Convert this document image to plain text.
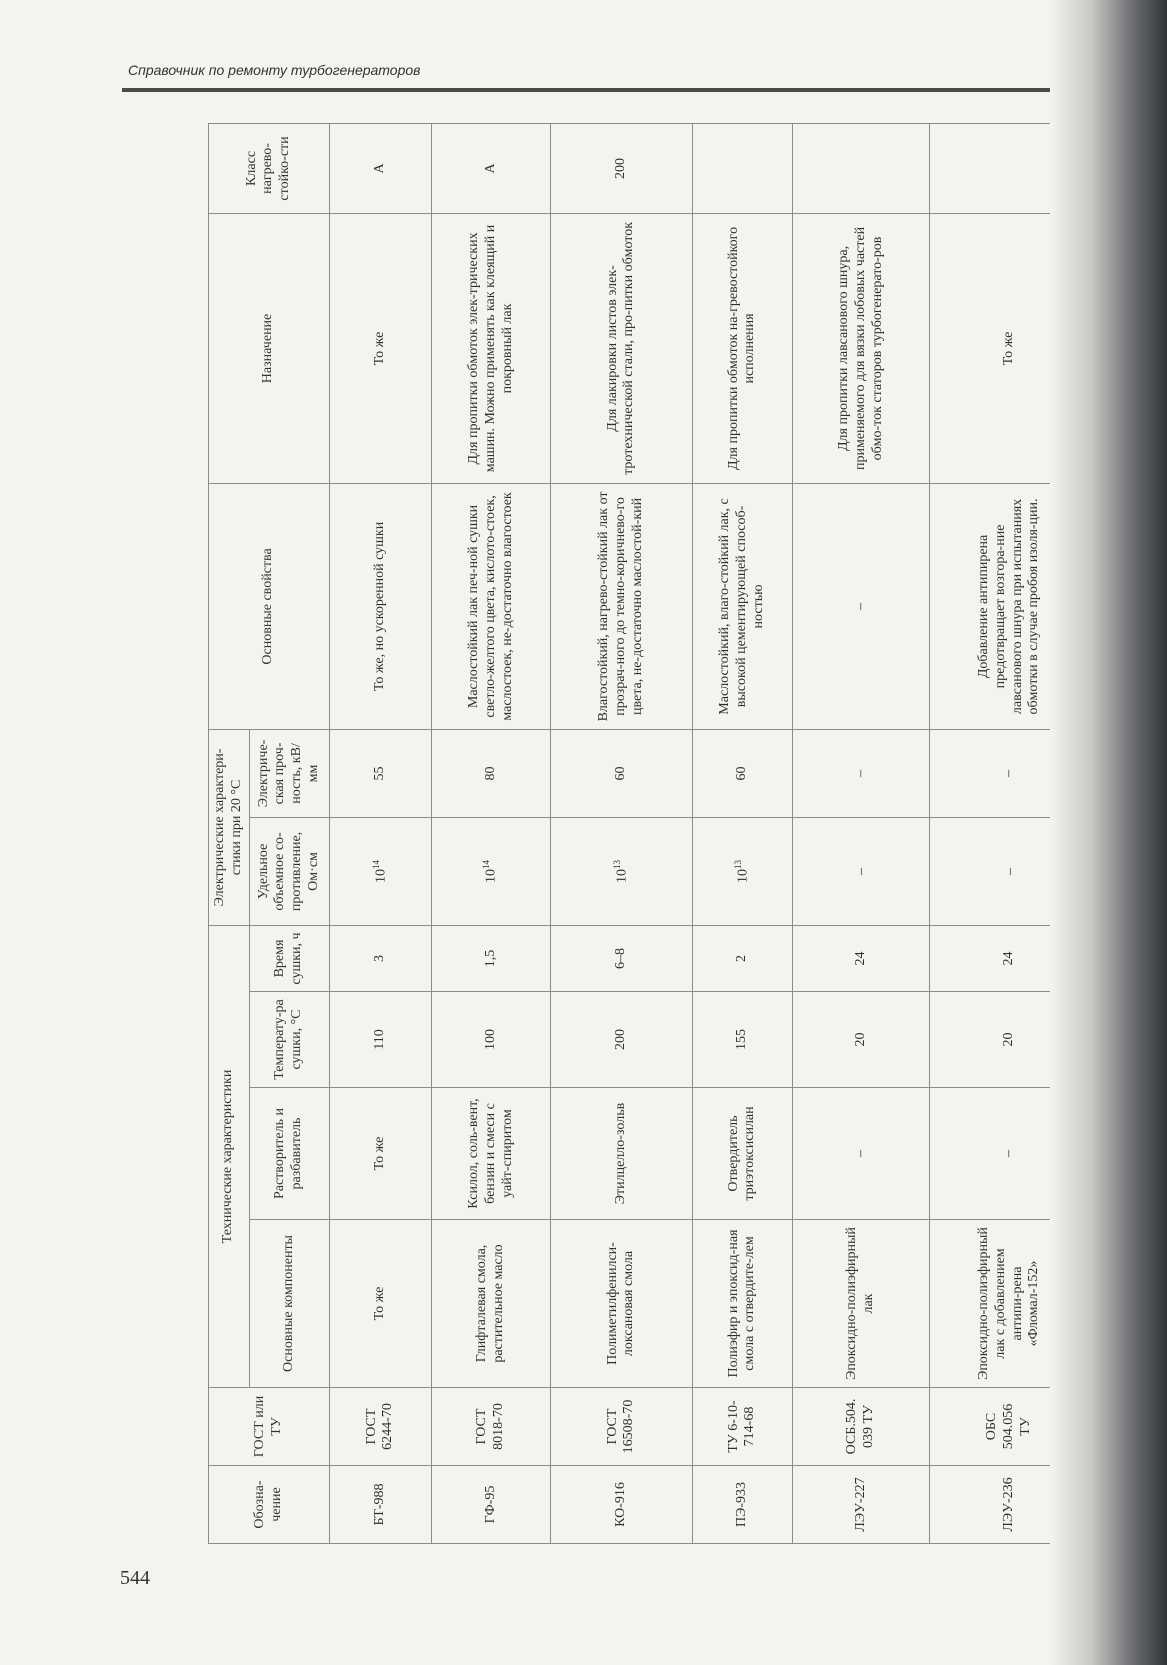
Справочник по ремонту турбогенераторов
Обозна-чение	ГОСТ или ТУ	Технические характеристики				Электрические характери-стики при 20 °С		Основные свойства	Назначение	Класс нагрево-стойко-сти
		Основные компоненты	Растворитель и разбавитель	Температу-ра сушки, °С	Время сушки, ч	Удельное объемное со-противление, Ом·см	Электриче-ская проч-ность, кВ/мм			

БТ-988	ГОСТ 6244-70	То же	То же	110	3	$10^{14}$	55	То же, но ускоренной сушки	То же	А
ГФ-95	ГОСТ 8018-70	Глифталевая смола, растительное масло	Ксилол, соль-вент, бензин и смеси с уайт-спиритом	100	1,5	$10^{14}$	80	Маслостойкий лак печ-ной сушки светло-желтого цвета, кислото-стоек, маслостоек, не-достаточно влагостоек	Для пропитки обмоток элек-трических машин. Можно применять как клеящий и покровный лак	А
КО-916	ГОСТ 16508-70	Полиметилфенилси-локсановая смола	Этилцелло-зольв	200	6–8	$10^{13}$	60	Влагостойкий, нагрево-стойкий лак от прозрач-ного до темно-коричнево-го цвета, не-достаточно маслостой-кий	Для лакировки листов элек-тротехнической стали, про-питки обмоток	200
ПЭ-933	ТУ 6-10-714-68	Полиэфир и эпоксид-ная смола с отвердите-лем	Отвердитель триэтоксисилан	155	2	$10^{13}$	60	Маслостойкий, влаго-стойкий лак, с высокой цементирующей способ-ностью	Для пропитки обмоток на-гревостойкого исполнения	
ЛЭУ-227	ОСБ.504. 039 ТУ	Эпоксидно-полиэфирный лак	–	20	24	–	–	–	Для пропитки лавсанового шнура, применяемого для вязки лобовых частей обмо-ток статоров турбогенерато-ров	
ЛЭУ-236	ОБС 504.056 ТУ	Эпоксидно-полиэфирный лак с добавлением антипи-рена «Фломал-152»	–	20	24	–	–	Добавление антипирена предотвращает возгора-ние лавсанового шнура при испытаниях обмотки в случае пробоя изоля-ции.	То же	
544
